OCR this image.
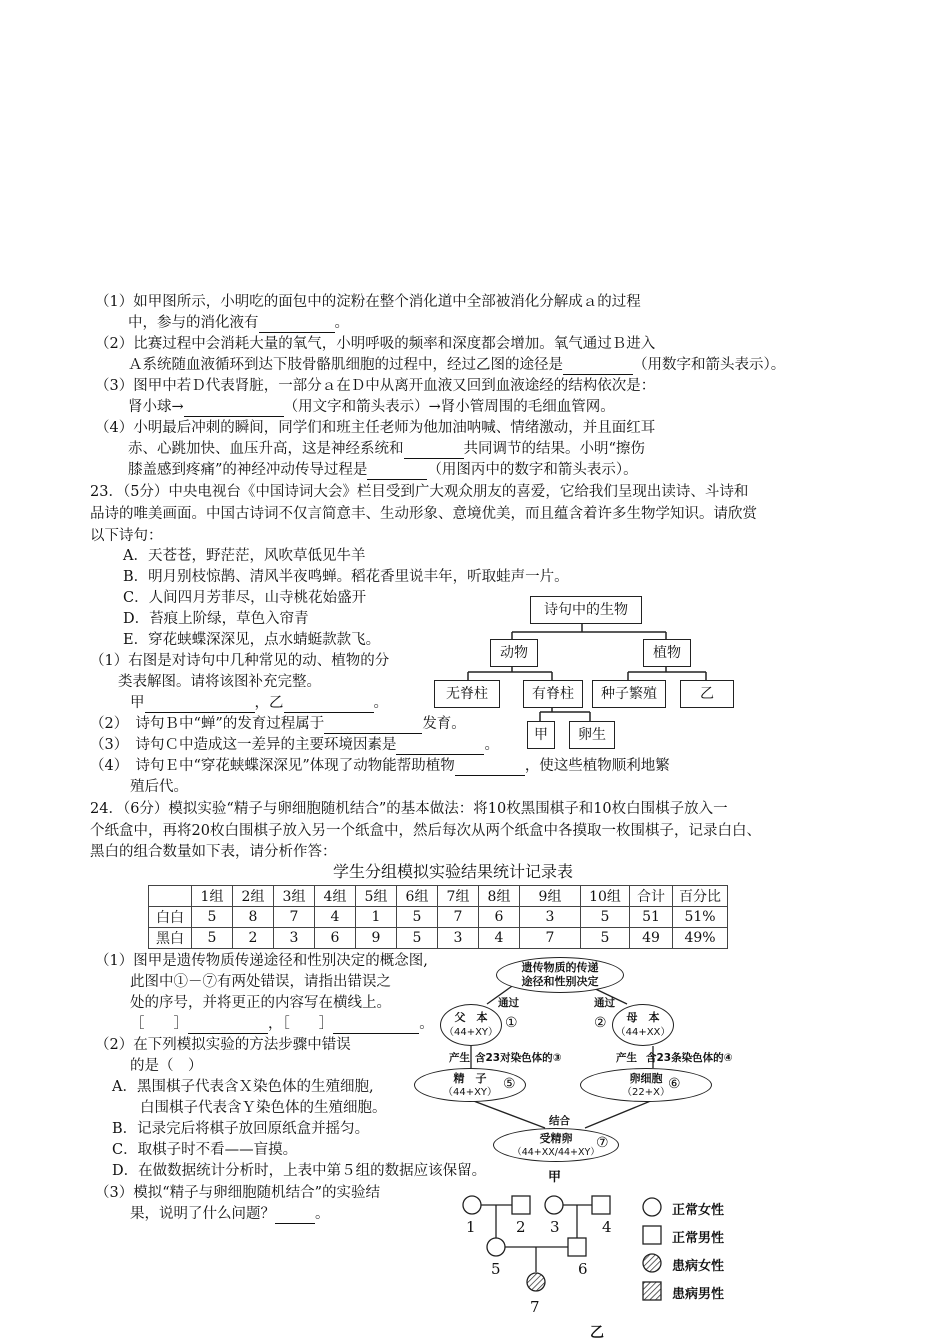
（1）如甲图所示，小明吃的面包中的淀粉在整个消化道中全部被消化分解成ａ的过程
中，参与的消化液有	。
（2）比赛过程中会消耗大量的氧气，小明呼吸的频率和深度都会增加。氧气通过Ｂ进入
Ａ系统随血液循环到达下肢骨骼肌细胞的过程中，经过乙图的途径是	（用数字和箭头表示）。
（3）图甲中若Ｄ代表肾脏，一部分ａ在Ｄ中从离开血液又回到血液途经的结构依次是：
肾小球→	（用文字和箭头表示）→肾小管周围的毛细血管网。
（4）小明最后冲刺的瞬间，同学们和班主任老师为他加油呐喊、情绪激动，并且面红耳
赤、心跳加快、血压升高，这是神经系统和	共同调节的结果。小明“擦伤
膝盖感到疼痛”的神经冲动传导过程是	（用图丙中的数字和箭头表示）。
23．（5分）中央电视台《中国诗词大会》栏目受到广大观众朋友的喜爱，它给我们呈现出读诗、斗诗和
品诗的唯美画面。中国古诗词不仅言简意丰、生动形象、意境优美，而且蕴含着许多生物学知识。请欣赏
以下诗句：
A．天苍苍，野茫茫，风吹草低见牛羊
B．明月别枝惊鹊、清风半夜鸣蝉。稻花香里说丰年，听取蛙声一片。
C．人间四月芳菲尽，山寺桃花始盛开
D．苔痕上阶绿，草色入帘青
E．穿花蛱蝶深深见，点水蜻蜓款款飞。
（1）右图是对诗句中几种常见的动、植物的分
类表解图。请将该图补充完整。
甲	，乙	。
（2）　诗句Ｂ中“蝉”的发育过程属于	发育。
（3）　诗句Ｃ中造成这一差异的主要环境因素是	。
（4）　诗句Ｅ中“穿花蛱蝶深深见”体现了动物能帮助植物	，使这些植物顺利地繁
殖后代。
诗句中的生物
动物	植物
无脊柱	有脊柱	种子繁殖	乙
甲	卵生
24．（6分）模拟实验“精子与卵细胞随机结合”的基本做法：将10枚黑围棋子和10枚白围棋子放入一
个纸盒中，再将20枚白围棋子放入另一个纸盒中，然后每次从两个纸盒中各摸取一枚围棋子，记录白白、
黑白的组合数量如下表，请分析作答：
学生分组模拟实验结果统计记录表
	1组	2组	3组	4组	5组	6组	7组	8组	9组	10组	合计	百分比
白白	5	8	7	4	1	5	7	6	3	5	51	51%
黑白	5	2	3	6	9	5	3	4	7	5	49	49%
（1）图甲是遗传物质传递途径和性别决定的概念图,
此图中①－⑦有两处错误，请指出错误之
处的序号，并将更正的内容写在横线上。
［　　］	，［　　］	。
（2）在下列模拟实验的方法步骤中错误
的是（　）
A．黑围棋子代表含Ｘ染色体的生殖细胞,
白围棋子代表含Ｙ染色体的生殖细胞。
B．记录完后将棋子放回原纸盒并摇匀。
C．取棋子时不看——盲摸。
D．在做数据统计分析时，上表中第５组的数据应该保留。
（3）模拟“精子与卵细胞随机结合”的实验结
果，说明了什么问题？	。
遗传物质的传递
途径和性别决定
通过	通过
父　本
（44+XY）
①	②	母　本
（44+XX）
产生 含23对染色体的③	产生 含23条染色体的④
精　子
（44+XY）
⑤	卵细胞
（22+X）
⑥
结合
受精卵
（44+XX/44+XY）
⑦
甲
1	2 3	4
5	6
7
正常女性
正常男性
患病女性
患病男性
乙
